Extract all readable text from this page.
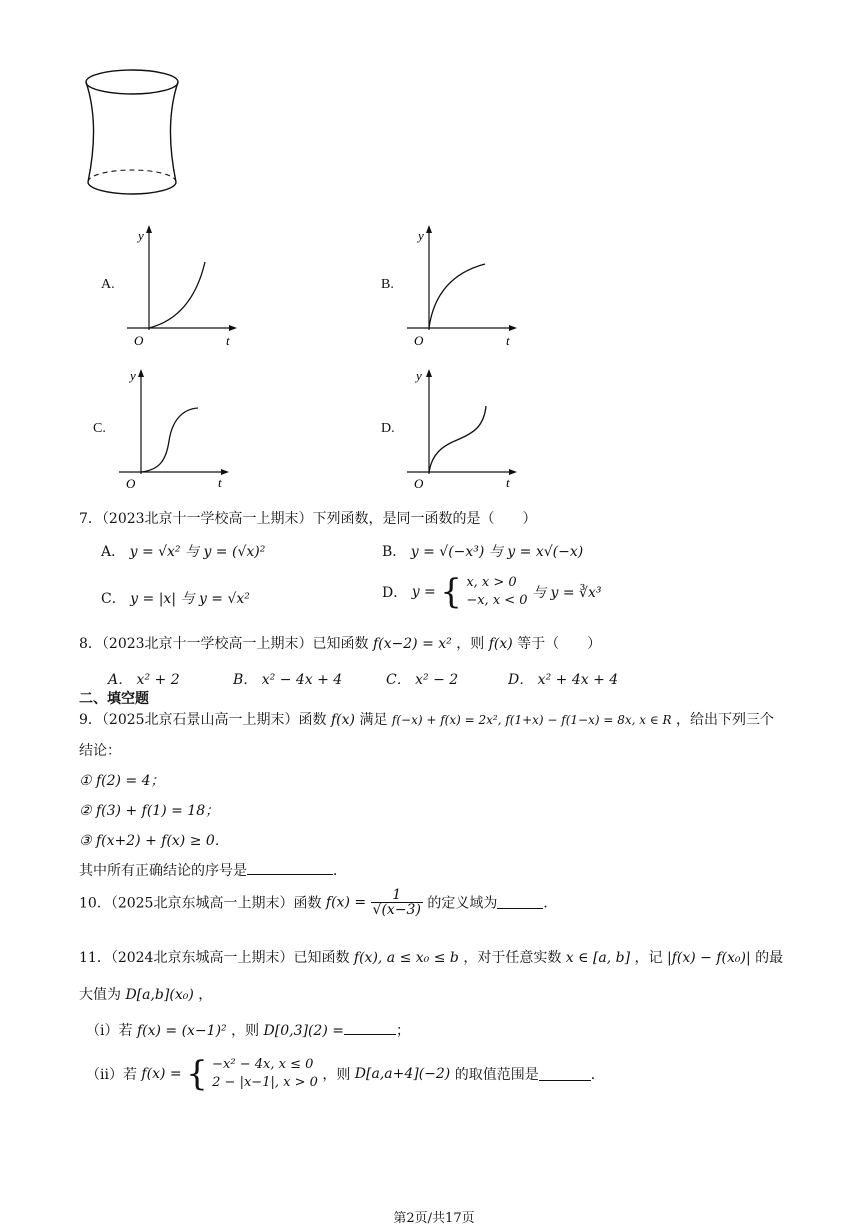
A.
y
O	t
B.
y
O	t
C.
y
O	t
D.
y
O	t
7．（2023北京十一学校高一上期末）下列函数，是同一函数的是（　　）
A． y = √x² 与 y = (√x)²	B． y = √(−x³) 与 y = x√(−x)
C． y = |x| 与 y = √x²	D． y = { x, x > 0
−x, x < 0 与 y = ∛x³
8．（2023北京十一学校高一上期末）已知函数 f(x−2) = x² ，则 f(x) 等于（　　）
A． x² + 2	B． x² − 4x + 4	C． x² − 2	D． x² + 4x + 4
二、填空题
9．（2025北京石景山高一上期末）函数 f(x) 满足 f(−x) + f(x) = 2x², f(1+x) − f(1−x) = 8x, x ∈ R ，给出下列三个
结论：
① f(2) = 4；
② f(3) + f(1) = 18；
③ f(x+2) + f(x) ≥ 0．
其中所有正确结论的序号是	．
10．（2025北京东城高一上期末）函数 $f(x) = \frac{1}{√(x-3)}$ 的定义域为	．
11．（2024北京东城高一上期末）已知函数 f(x), a ≤ x₀ ≤ b ，对于任意实数 x ∈ [a, b] ，记 |f(x) − f(x₀)| 的最
大值为 D[a,b](x₀) ，
（i）若 f(x) = (x−1)² ，则 D[0,3](2) =	；
（ii）若 f(x) = { −x² − 4x, x ≤ 0
2 − |x−1|, x > 0 ，则 D[a,a+4](−2) 的取值范围是	．
第2页/共17页
